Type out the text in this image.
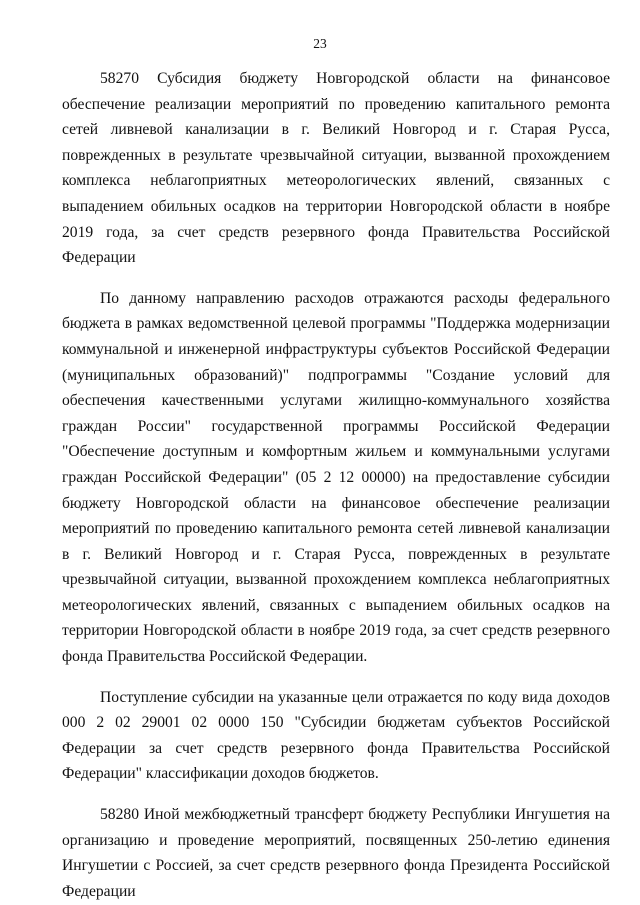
23

58270 Субсидия бюджету Новгородской области на финансовое обеспечение реализации мероприятий по проведению капитального ремонта сетей ливневой канализации в г. Великий Новгород и г. Старая Русса, поврежденных в результате чрезвычайной ситуации, вызванной прохождением комплекса неблагоприятных метеорологических явлений, связанных с выпадением обильных осадков на территории Новгородской области в ноябре 2019 года, за счет средств резервного фонда Правительства Российской Федерации

По данному направлению расходов отражаются расходы федерального бюджета в рамках ведомственной целевой программы "Поддержка модернизации коммунальной и инженерной инфраструктуры субъектов Российской Федерации (муниципальных образований)" подпрограммы "Создание условий для обеспечения качественными услугами жилищно-коммунального хозяйства граждан России" государственной программы Российской Федерации "Обеспечение доступным и комфортным жильем и коммунальными услугами граждан Российской Федерации" (05 2 12 00000) на предоставление субсидии бюджету Новгородской области на финансовое обеспечение реализации мероприятий по проведению капитального ремонта сетей ливневой канализации в г. Великий Новгород и г. Старая Русса, поврежденных в результате чрезвычайной ситуации, вызванной прохождением комплекса неблагоприятных метеорологических явлений, связанных с выпадением обильных осадков на территории Новгородской области в ноябре 2019 года, за счет средств резервного фонда Правительства Российской Федерации.

Поступление субсидии на указанные цели отражается по коду вида доходов 000 2 02 29001 02 0000 150 "Субсидии бюджетам субъектов Российской Федерации за счет средств резервного фонда Правительства Российской Федерации" классификации доходов бюджетов.

58280 Иной межбюджетный трансферт бюджету Республики Ингушетия на организацию и проведение мероприятий, посвященных 250-летию единения Ингушетии с Россией, за счет средств резервного фонда Президента Российской Федерации
